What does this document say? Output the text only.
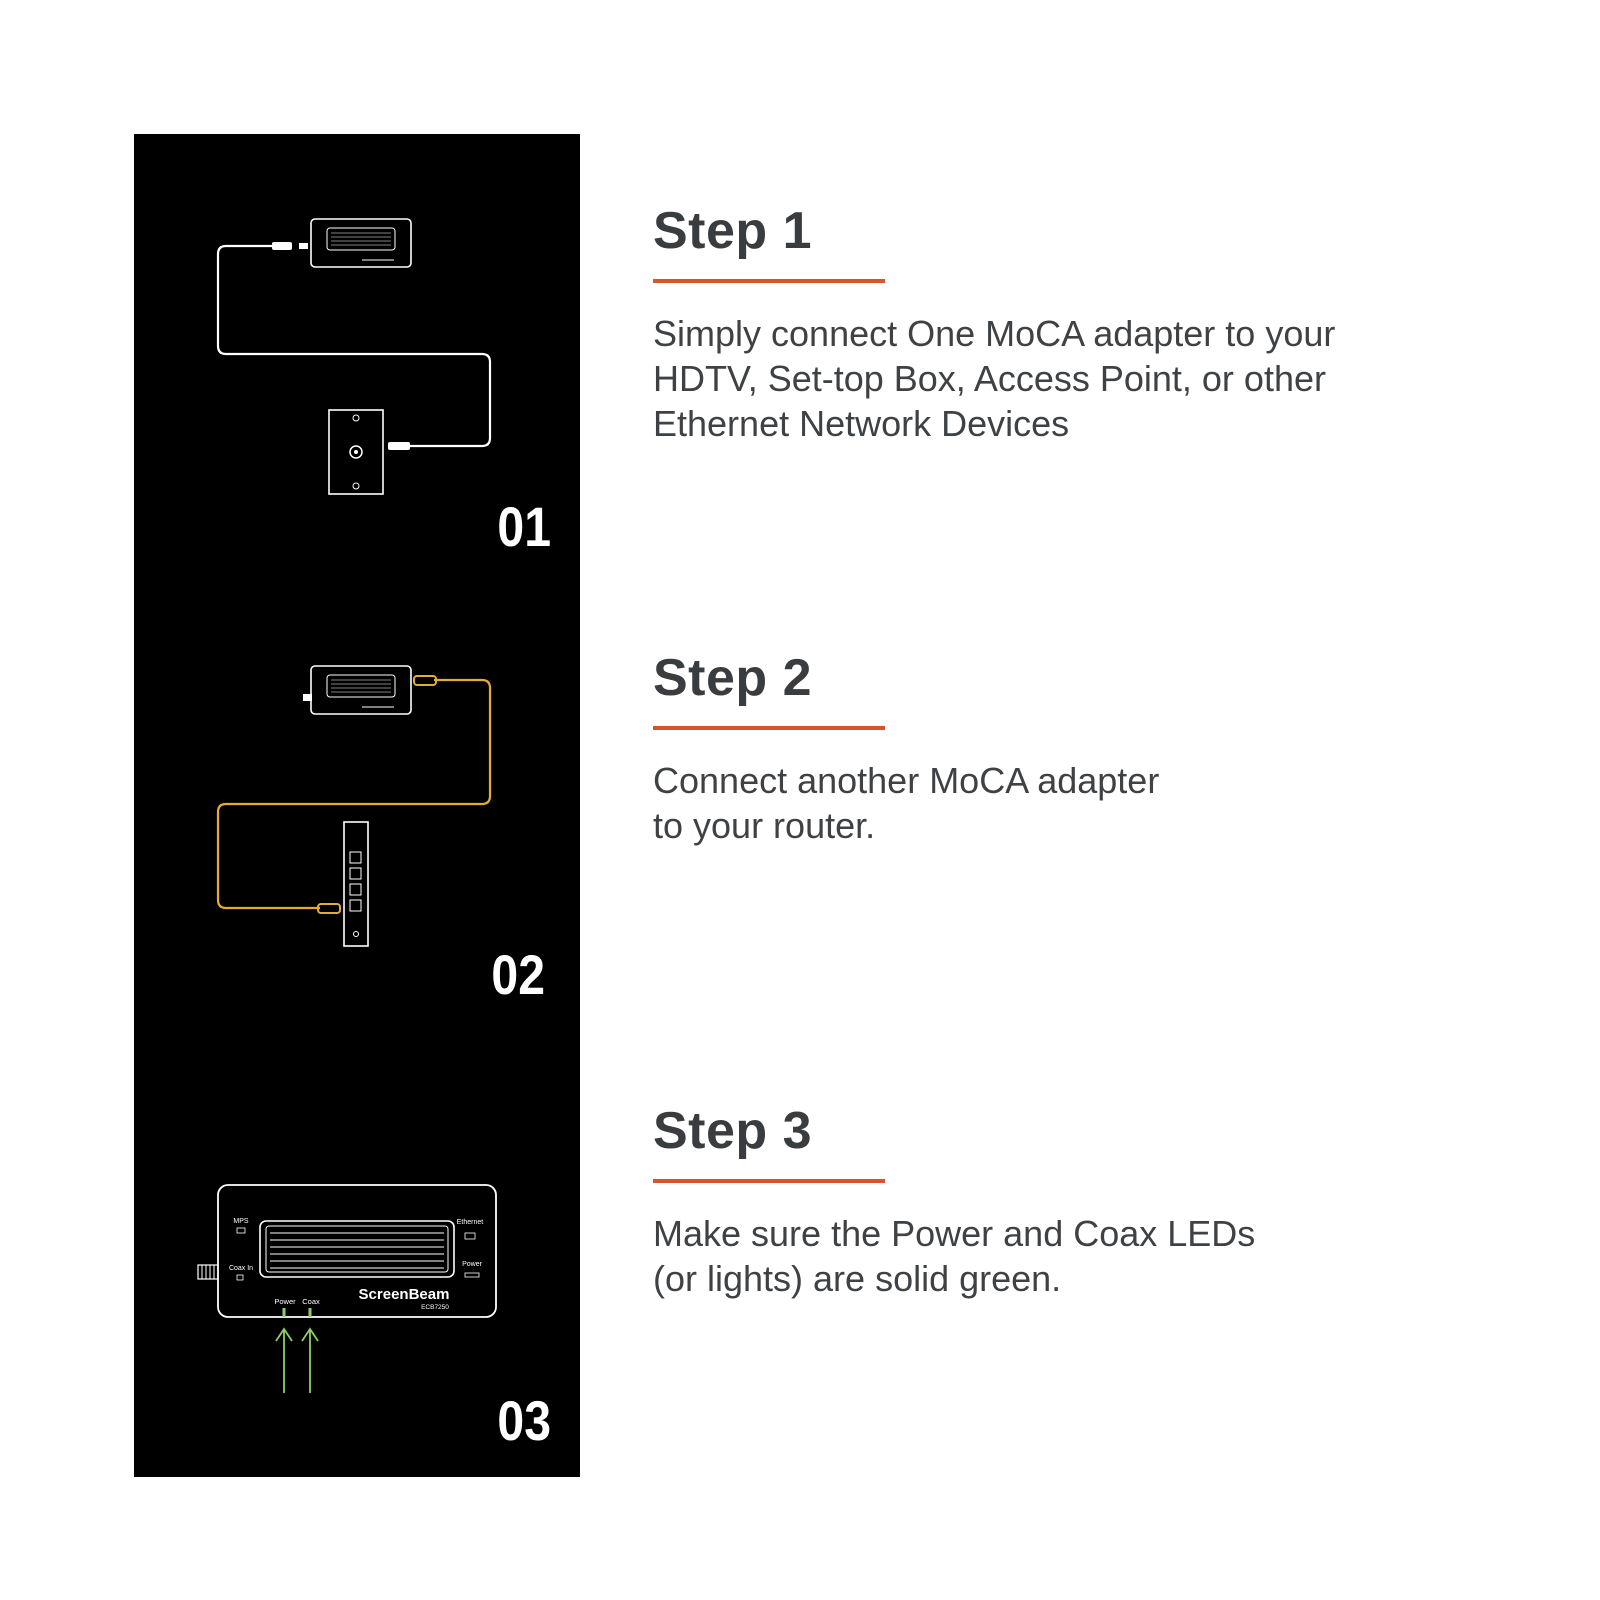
01
02
MPS	Ethernet
Coax In
Power
Power Coax	ScreenBeam
ECB7250
03
Step 1
Simply connect One MoCA adapter to your
HDTV, Set-top Box, Access Point, or other
Ethernet Network Devices
Step 2
Connect another MoCA adapter
to your router.
Step 3
Make sure the Power and Coax LEDs
(or lights) are solid green.
